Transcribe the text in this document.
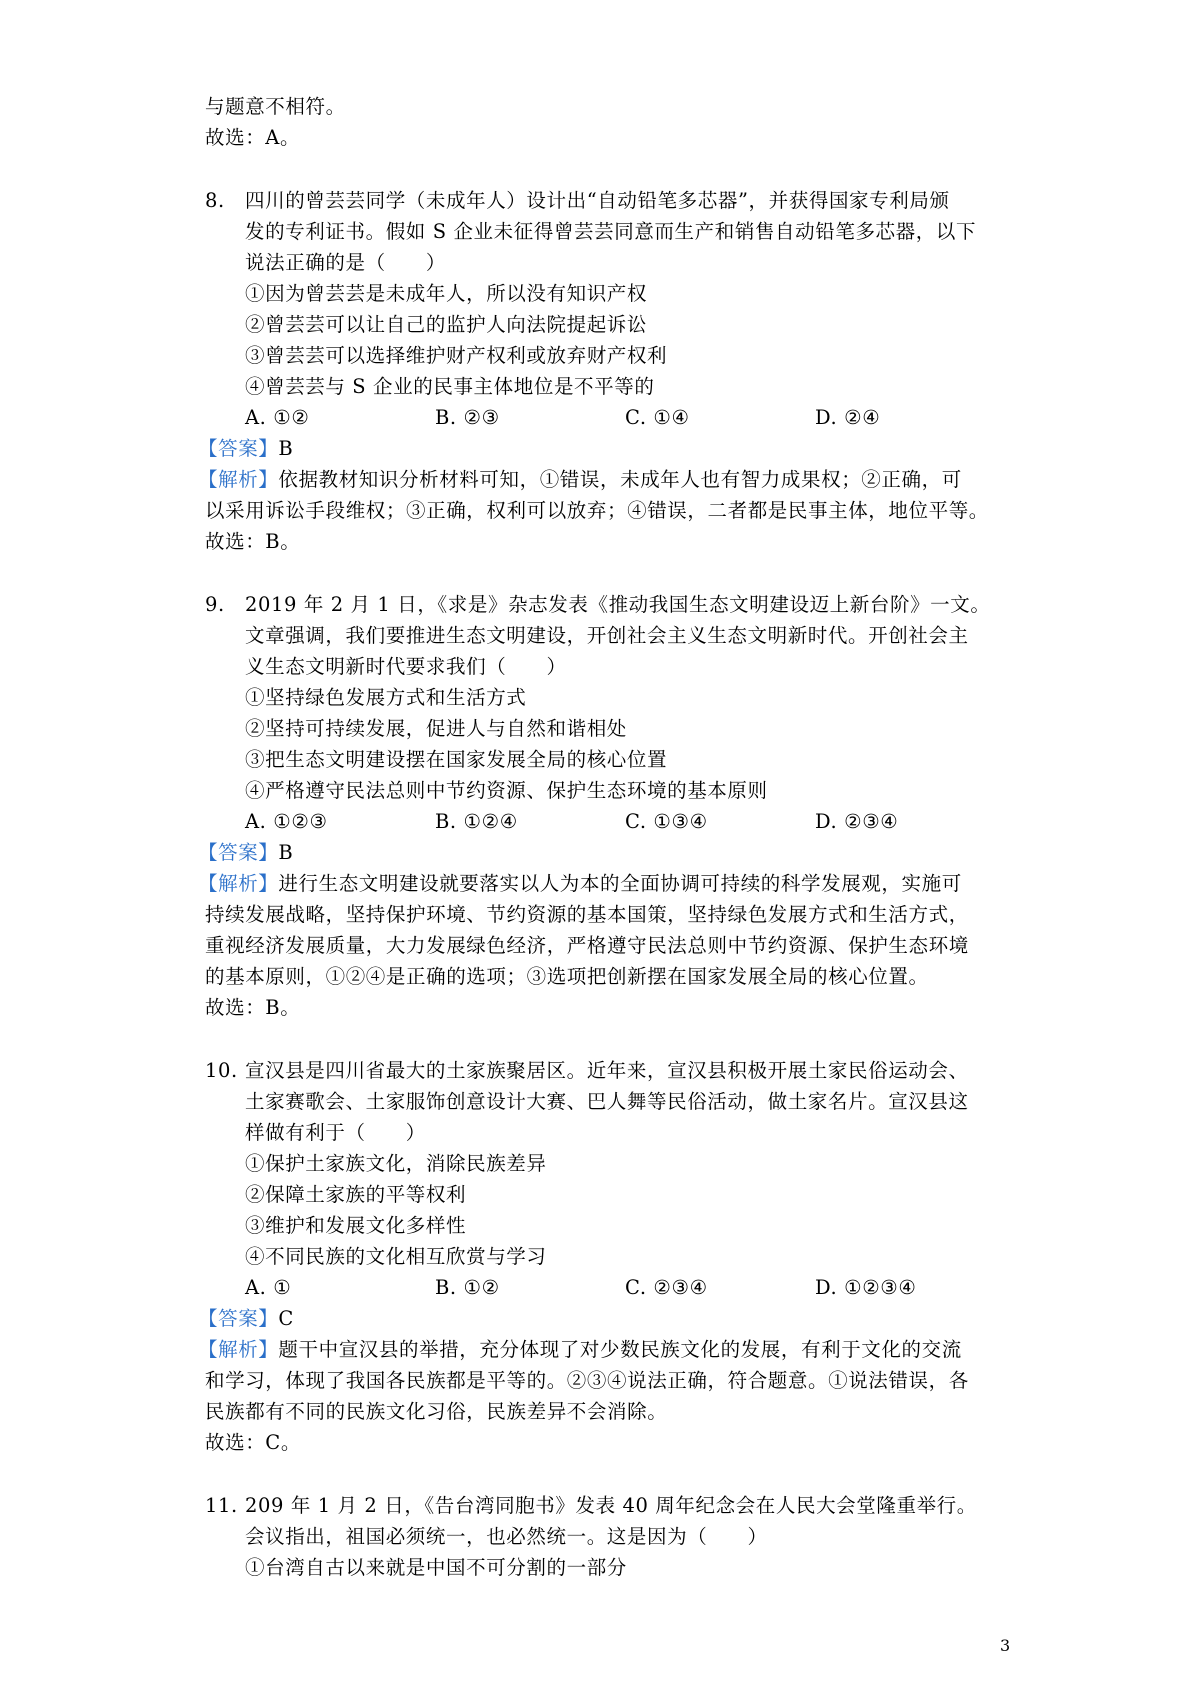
与题意不相符。
故选：A。
8. 四川的曾芸芸同学（未成年人）设计出“自动铅笔多芯器”，并获得国家专利局颁
发的专利证书。假如 S 企业未征得曾芸芸同意而生产和销售自动铅笔多芯器，以下
说法正确的是（　　）
①因为曾芸芸是未成年人，所以没有知识产权
②曾芸芸可以让自己的监护人向法院提起诉讼
③曾芸芸可以选择维护财产权利或放弃财产权利
④曾芸芸与 S 企业的民事主体地位是不平等的
A. ①②	B. ②③	C. ①④	D. ②④
【答案】B
【解析】依据教材知识分析材料可知，①错误，未成年人也有智力成果权；②正确，可
以采用诉讼手段维权；③正确，权利可以放弃；④错误，二者都是民事主体，地位平等。
故选：B。
9. 2019 年 2 月 1 日，《求是》杂志发表《推动我国生态文明建设迈上新台阶》一文。
文章强调，我们要推进生态文明建设，开创社会主义生态文明新时代。开创社会主
义生态文明新时代要求我们（　　）
①坚持绿色发展方式和生活方式
②坚持可持续发展，促进人与自然和谐相处
③把生态文明建设摆在国家发展全局的核心位置
④严格遵守民法总则中节约资源、保护生态环境的基本原则
A. ①②③	B. ①②④	C. ①③④	D. ②③④
【答案】B
【解析】进行生态文明建设就要落实以人为本的全面协调可持续的科学发展观，实施可
持续发展战略，坚持保护环境、节约资源的基本国策，坚持绿色发展方式和生活方式，
重视经济发展质量，大力发展绿色经济，严格遵守民法总则中节约资源、保护生态环境
的基本原则，①②④是正确的选项；③选项把创新摆在国家发展全局的核心位置。
故选：B。
10. 宣汉县是四川省最大的土家族聚居区。近年来，宣汉县积极开展土家民俗运动会、
土家赛歌会、土家服饰创意设计大赛、巴人舞等民俗活动，做土家名片。宣汉县这
样做有利于（　　）
①保护土家族文化，消除民族差异
②保障土家族的平等权利
③维护和发展文化多样性
④不同民族的文化相互欣赏与学习
A. ①	B. ①②	C. ②③④	D. ①②③④
【答案】C
【解析】题干中宣汉县的举措，充分体现了对少数民族文化的发展，有利于文化的交流
和学习，体现了我国各民族都是平等的。②③④说法正确，符合题意。①说法错误，各
民族都有不同的民族文化习俗，民族差异不会消除。
故选：C。
11. 209 年 1 月 2 日，《告台湾同胞书》发表 40 周年纪念会在人民大会堂隆重举行。
会议指出，祖国必须统一，也必然统一。这是因为（　　）
①台湾自古以来就是中国不可分割的一部分
3
